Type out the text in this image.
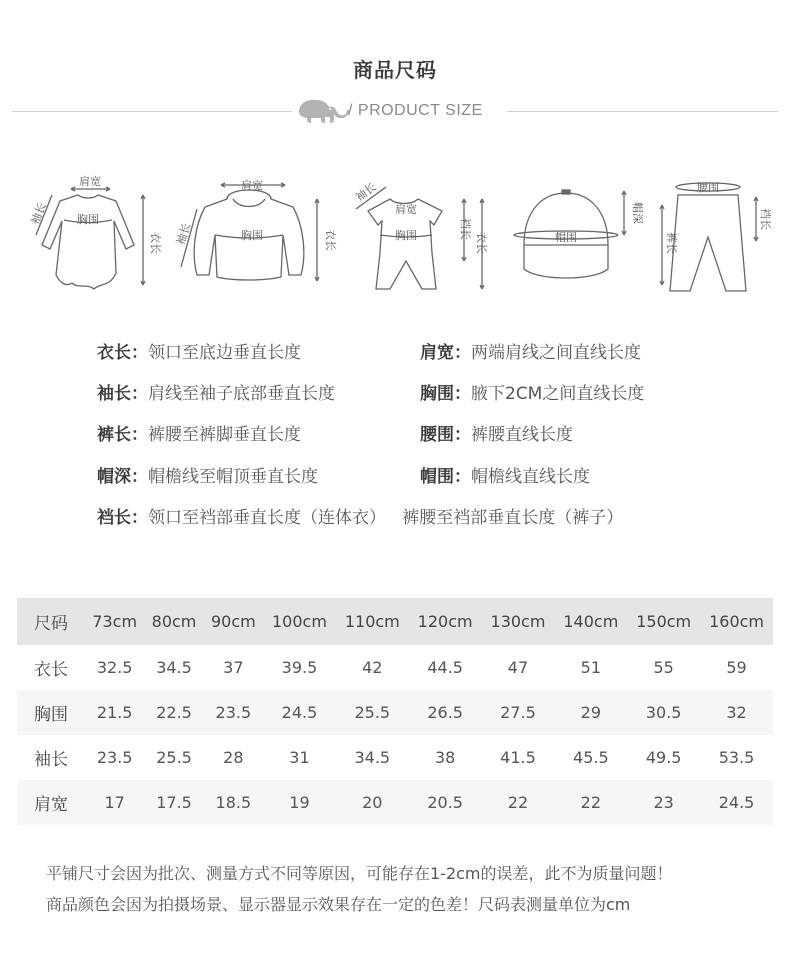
商品尺码
/ PRODUCT SIZE
肩宽
胸围
衣长
袖长
肩宽
胸围	衣长
袖长
肩宽
胸围
袖长
裆长
衣长	帽围
帽深
腰围
裤长
裆长
衣长：领口至底边垂直长度	肩宽：两端肩线之间直线长度
袖长：肩线至袖子底部垂直长度	胸围：腋下2CM之间直线长度
裤长：裤腰至裤脚垂直长度	腰围：裤腰直线长度
帽深：帽檐线至帽顶垂直长度	帽围：帽檐线直线长度
裆长：领口至裆部垂直长度（连体衣）   裤腰至裆部垂直长度（裤子）
尺码	73cm	80cm	90cm	100cm	110cm	120cm	130cm	140cm	150cm	160cm
衣长	32.5	34.5	37	39.5	42	44.5	47	51	55	59
胸围	21.5	22.5	23.5	24.5	25.5	26.5	27.5	29	30.5	32
袖长	23.5	25.5	28	31	34.5	38	41.5	45.5	49.5	53.5
肩宽	17	17.5	18.5	19	20	20.5	22	22	23	24.5
平铺尺寸会因为批次、测量方式不同等原因，可能存在1-2cm的误差，此不为质量问题！
商品颜色会因为拍摄场景、显示器显示效果存在一定的色差！尺码表测量单位为cm
